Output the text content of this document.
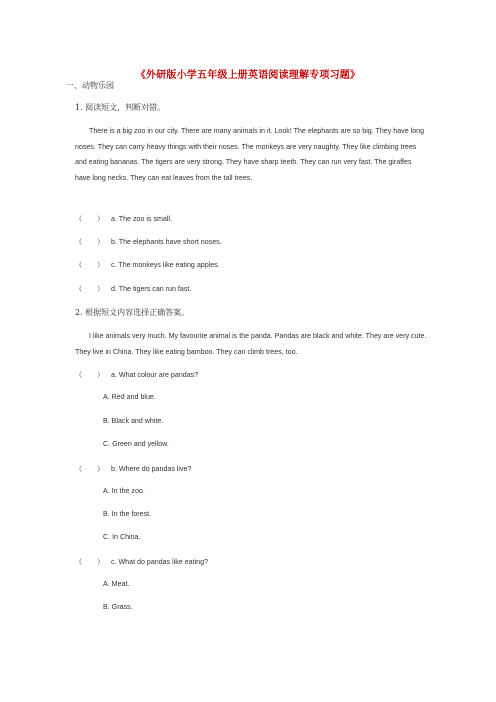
《外研版小学五年级上册英语阅读理解专项习题》
一、动物乐园
1. 阅读短文，判断对错。
There is a big zoo in our city. There are many animals in it. Look! The elephants are so big. They have long noses. They can carry heavy things with their noses. The monkeys are very naughty. They like climbing trees and eating bananas. The tigers are very strong. They have sharp teeth. They can run very fast. The giraffes have long necks. They can eat leaves from the tall trees.
（ ） a. The zoo is small.
（ ） b. The elephants have short noses.
（ ） c. The monkeys like eating apples.
（ ） d. The tigers can run fast.
2. 根据短文内容选择正确答案。
I like animals very much. My favourite animal is the panda. Pandas are black and white. They are very cute. They live in China. They like eating bamboo. They can climb trees, too.
（ ） a. What colour are pandas?
A. Red and blue.
B. Black and white.
C. Green and yellow.
（ ） b. Where do pandas live?
A. In the zoo.
B. In the forest.
C. In China.
（ ） c. What do pandas like eating?
A. Meat.
B. Grass.
